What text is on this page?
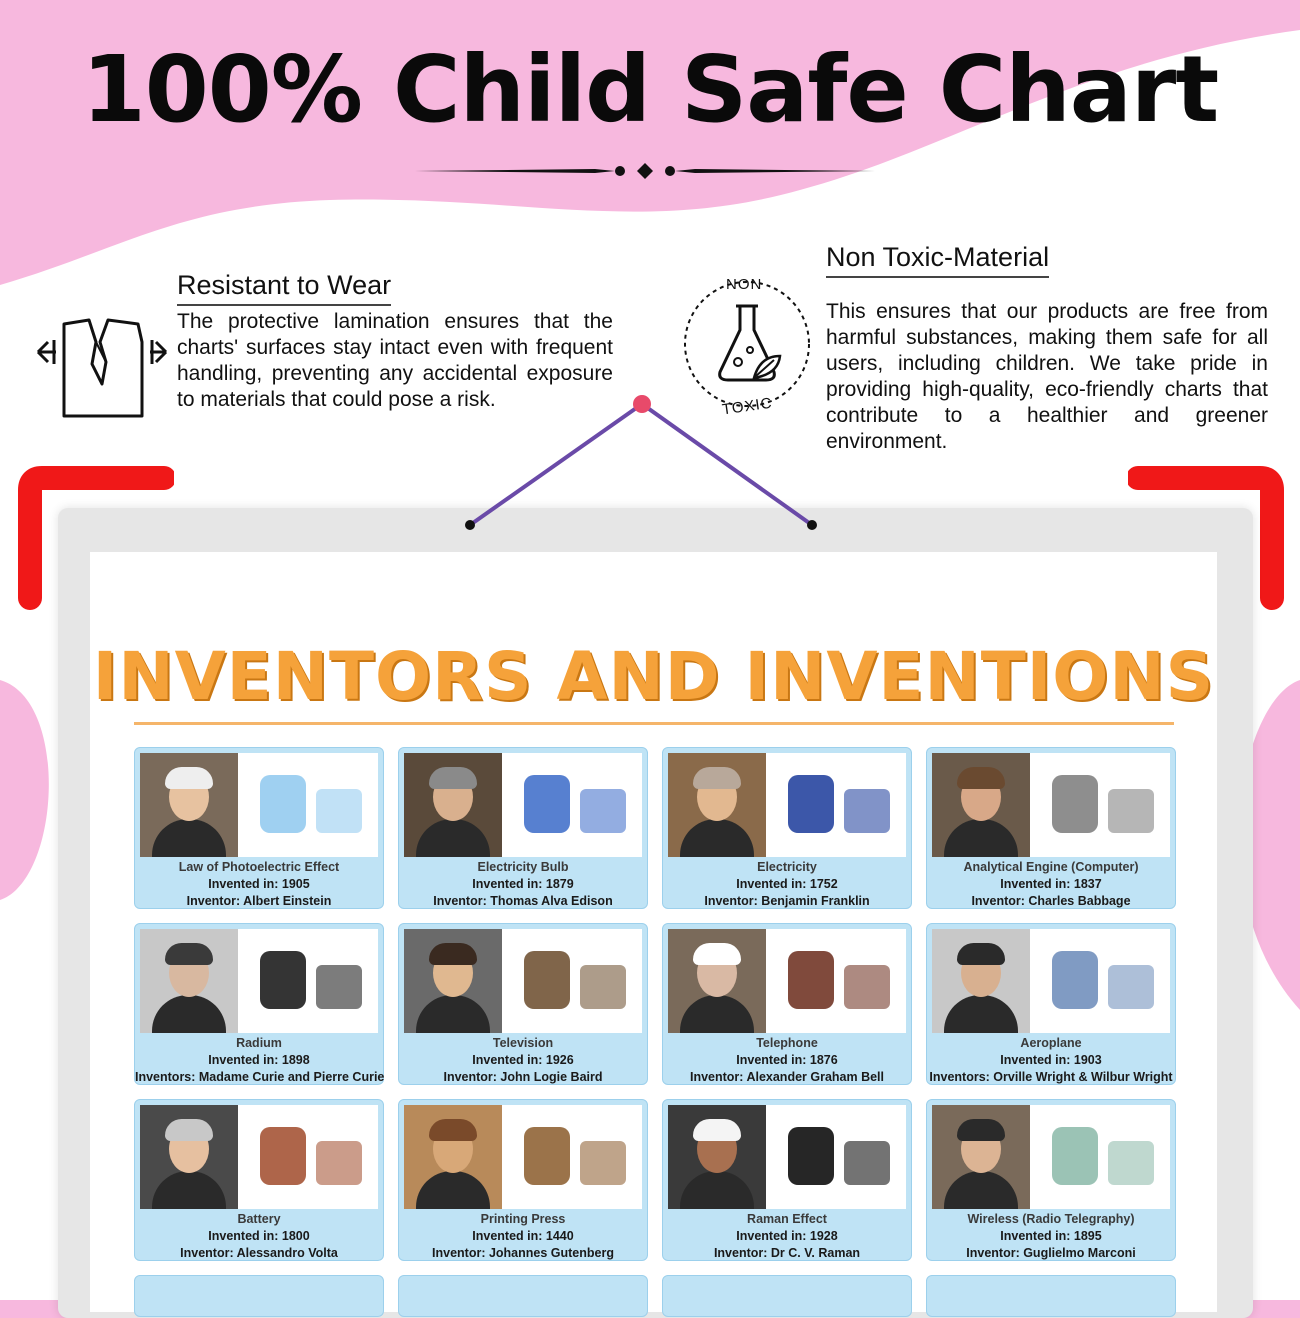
100% Child Safe Chart
Resistant to Wear
The protective lamination ensures that the charts' surfaces stay intact even with frequent handling, preventing any accidental exposure to materials that could pose a risk.
NON
TOXIC
Non Toxic-Material
This ensures that our products are free from harmful substances, making them safe for all users, including children. We take pride in providing high-quality, eco-friendly charts that contribute to a healthier and greener environment.
INVENTORS AND INVENTIONS
Law of Photoelectric Effect
Invented in: 1905
Inventor: Albert Einstein
Electricity Bulb
Invented in: 1879
Inventor: Thomas Alva Edison
Electricity
Invented in: 1752
Inventor: Benjamin Franklin
Analytical Engine (Computer)
Invented in: 1837
Inventor: Charles Babbage
Radium
Invented in: 1898
Inventors: Madame Curie and Pierre Curie
Television
Invented in: 1926
Inventor: John Logie Baird
Telephone
Invented in: 1876
Inventor: Alexander Graham Bell
Aeroplane
Invented in: 1903
Inventors: Orville Wright & Wilbur Wright
Battery
Invented in: 1800
Inventor: Alessandro Volta
Printing Press
Invented in: 1440
Inventor: Johannes Gutenberg
Raman Effect
Invented in: 1928
Inventor: Dr C. V. Raman
Wireless (Radio Telegraphy)
Invented in: 1895
Inventor: Guglielmo Marconi
